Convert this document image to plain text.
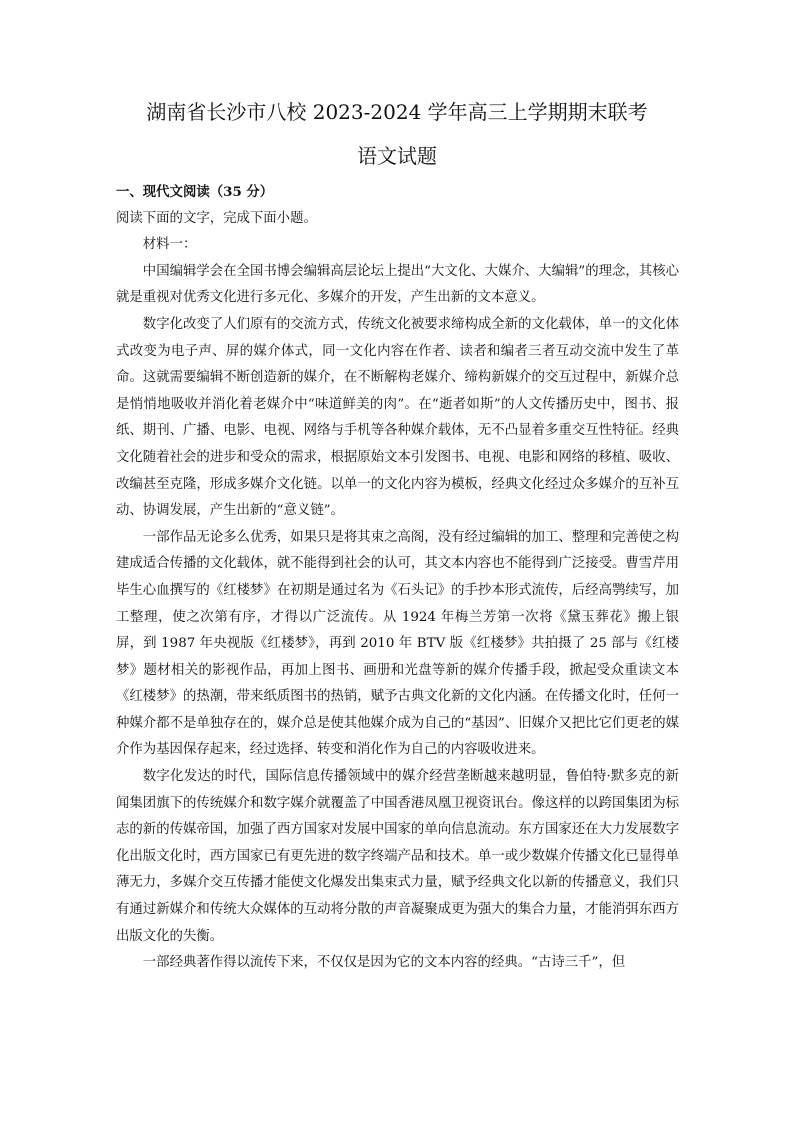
湖南省长沙市八校 2023-2024 学年高三上学期期末联考
语文试题

一、现代文阅读（35 分）

阅读下面的文字，完成下面小题。

材料一：

中国编辑学会在全国书博会编辑高层论坛上提出“大文化、大媒介、大编辑”的理念，其核心就是重视对优秀文化进行多元化、多媒介的开发，产生出新的文本意义。

数字化改变了人们原有的交流方式，传统文化被要求缔构成全新的文化载体，单一的文化体式改变为电子声、屏的媒介体式，同一文化内容在作者、读者和编者三者互动交流中发生了革命。这就需要编辑不断创造新的媒介，在不断解构老媒介、缔构新媒介的交互过程中，新媒介总是悄悄地吸收并消化着老媒介中“味道鲜美的肉”。在“逝者如斯”的人文传播历史中，图书、报纸、期刊、广播、电影、电视、网络与手机等各种媒介载体，无不凸显着多重交互性特征。经典文化随着社会的进步和受众的需求，根据原始文本引发图书、电视、电影和网络的移植、吸收、改编甚至克隆，形成多媒介文化链。以单一的文化内容为模板，经典文化经过众多媒介的互补互动、协调发展，产生出新的“意义链”。

一部作品无论多么优秀，如果只是将其束之高阁，没有经过编辑的加工、整理和完善使之构建成适合传播的文化载体，就不能得到社会的认可，其文本内容也不能得到广泛接受。曹雪芹用毕生心血撰写的《红楼梦》在初期是通过名为《石头记》的手抄本形式流传，后经高鹗续写，加工整理，使之次第有序，才得以广泛流传。从 1924 年梅兰芳第一次将《黛玉葬花》搬上银屏，到 1987 年央视版《红楼梦》，再到 2010 年 BTV 版《红楼梦》共拍摄了 25 部与《红楼梦》题材相关的影视作品，再加上图书、画册和光盘等新的媒介传播手段，掀起受众重读文本《红楼梦》的热潮，带来纸质图书的热销，赋予古典文化新的文化内涵。在传播文化时，任何一种媒介都不是单独存在的，媒介总是使其他媒介成为自己的“基因”、旧媒介又把比它们更老的媒介作为基因保存起来，经过选择、转变和消化作为自己的内容吸收进来。

数字化发达的时代，国际信息传播领域中的媒介经营垄断越来越明显，鲁伯特·默多克的新闻集团旗下的传统媒介和数字媒介就覆盖了中国香港凤凰卫视资讯台。像这样的以跨国集团为标志的新的传媒帝国，加强了西方国家对发展中国家的单向信息流动。东方国家还在大力发展数字化出版文化时，西方国家已有更先进的数字终端产品和技术。单一或少数媒介传播文化已显得单薄无力，多媒介交互传播才能使文化爆发出集束式力量，赋予经典文化以新的传播意义，我们只有通过新媒介和传统大众媒体的互动将分散的声音凝聚成更为强大的集合力量，才能消弭东西方出版文化的失衡。

一部经典著作得以流传下来，不仅仅是因为它的文本内容的经典。“古诗三千”，但
